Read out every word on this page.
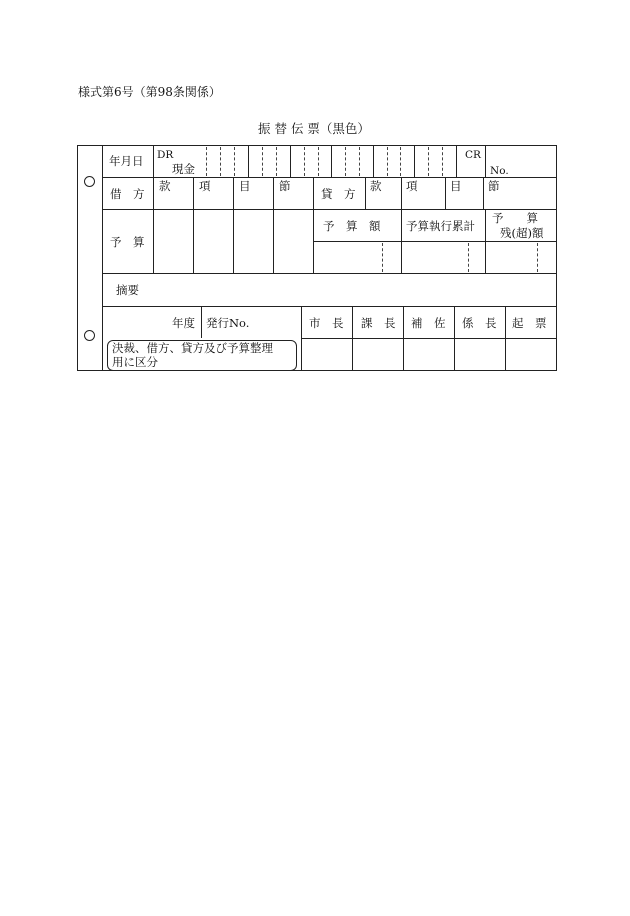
様式第6号（第98条関係）
振 替 伝 票（黒色）
年月日 DR
現金
CR
No.
借　方
款 項 目 節
貸　方
款 項	目 節
予　算
予　算　額 予算執行累計
予　　算
残(超)額
摘要
年度 発行No.	市　長 課　長 補　佐 係　長 起　票
決裁、借方、貸方及び予算整理
用に区分
